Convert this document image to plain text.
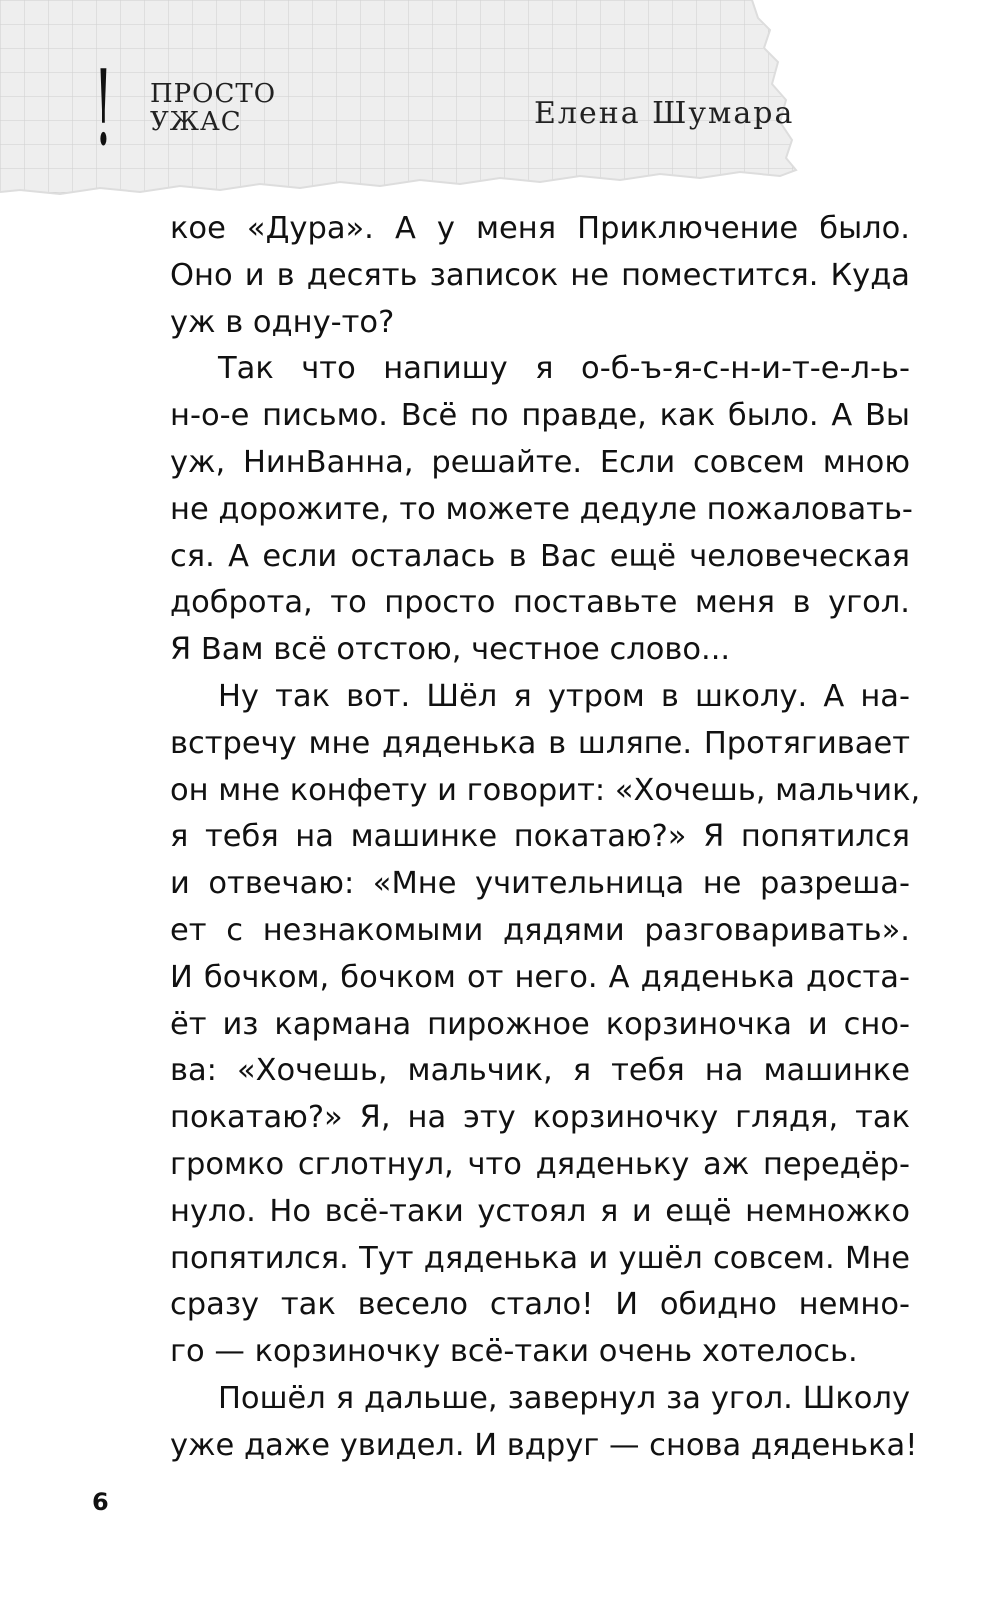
! ПРОСТО
УЖАС	Елена Шумара
кое «Дура». А у меня Приключение было.
Оно и в десять записок не поместится. Куда
уж в одну-то?
Так что напишу я о-б-ъ-я-с-н-и-т-е-л-ь-
н-о-е письмо. Всё по правде, как было. А Вы
уж, НинВанна, решайте. Если совсем мною
не дорожите, то можете дедуле пожаловать-
ся. А если осталась в Вас ещё человеческая
доброта, то просто поставьте меня в угол.
Я Вам всё отстою, честное слово...
Ну так вот. Шёл я утром в школу. А на-
встречу мне дяденька в шляпе. Протягивает
он мне конфету и говорит: «Хочешь, мальчик,
я тебя на машинке покатаю?» Я попятился
и отвечаю: «Мне учительница не разреша-
ет с незнакомыми дядями разговаривать».
И бочком, бочком от него. А дяденька доста-
ёт из кармана пирожное корзиночка и сно-
ва: «Хочешь, мальчик, я тебя на машинке
покатаю?» Я, на эту корзиночку глядя, так
громко сглотнул, что дяденьку аж передёр-
нуло. Но всё-таки устоял я и ещё немножко
попятился. Тут дяденька и ушёл совсем. Мне
сразу так весело стало! И обидно немно-
го — корзиночку всё-таки очень хотелось.
Пошёл я дальше, завернул за угол. Школу
уже даже увидел. И вдруг — снова дяденька!
6
